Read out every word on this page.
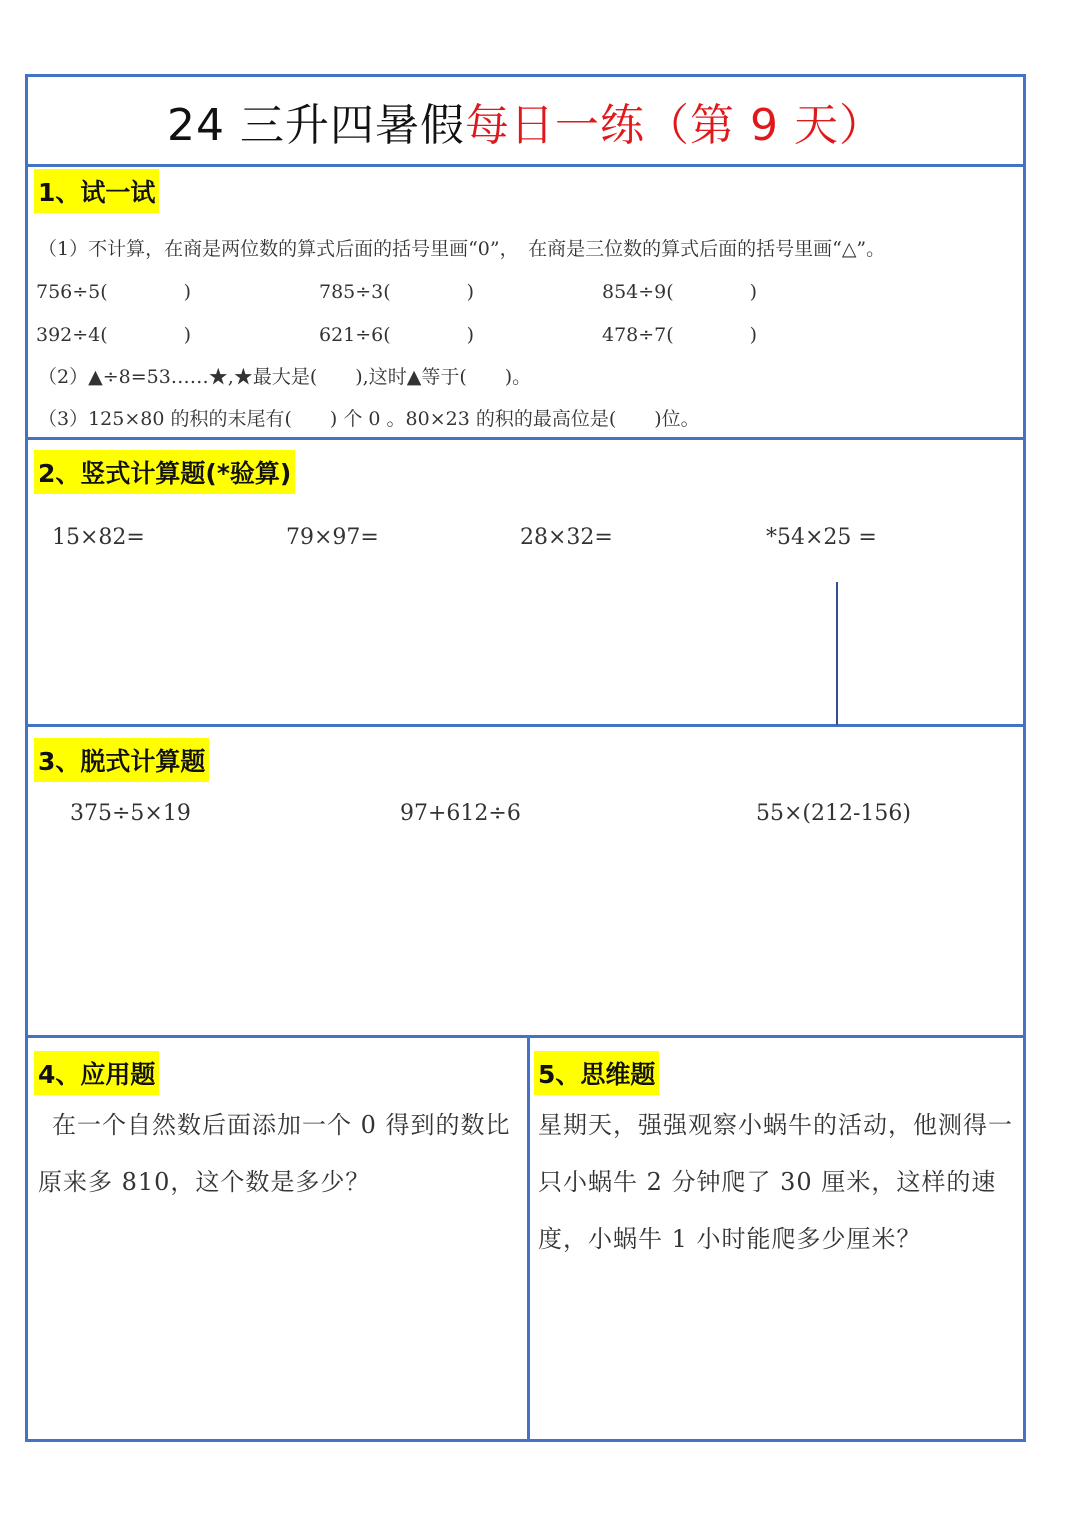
24 三升四暑假每日一练（第 9 天）
1、试一试
（1）不计算，在商是两位数的算式后面的括号里画“0”，　在商是三位数的算式后面的括号里画“△”。
756÷5(　　　　)	785÷3(　　　　)	854÷9(　　　　)
392÷4(　　　　)	621÷6(　　　　)	478÷7(　　　　)
（2）▲÷8=53……★,★最大是(　　),这时▲等于(　　)。
（3）125×80 的积的末尾有(　　) 个 0 。80×23 的积的最高位是(　　)位。
2、竖式计算题(*验算)
15×82=	79×97=	28×32=	*54×25 =
3、脱式计算题
375÷5×19	97+612÷6	55×(212-156)
4、应用题
在一个自然数后面添加一个 0 得到的数比原来多 810，这个数是多少？
5、思维题
星期天，强强观察小蜗牛的活动，他测得一只小蜗牛 2 分钟爬了 30 厘米，这样的速度，小蜗牛 1 小时能爬多少厘米？
